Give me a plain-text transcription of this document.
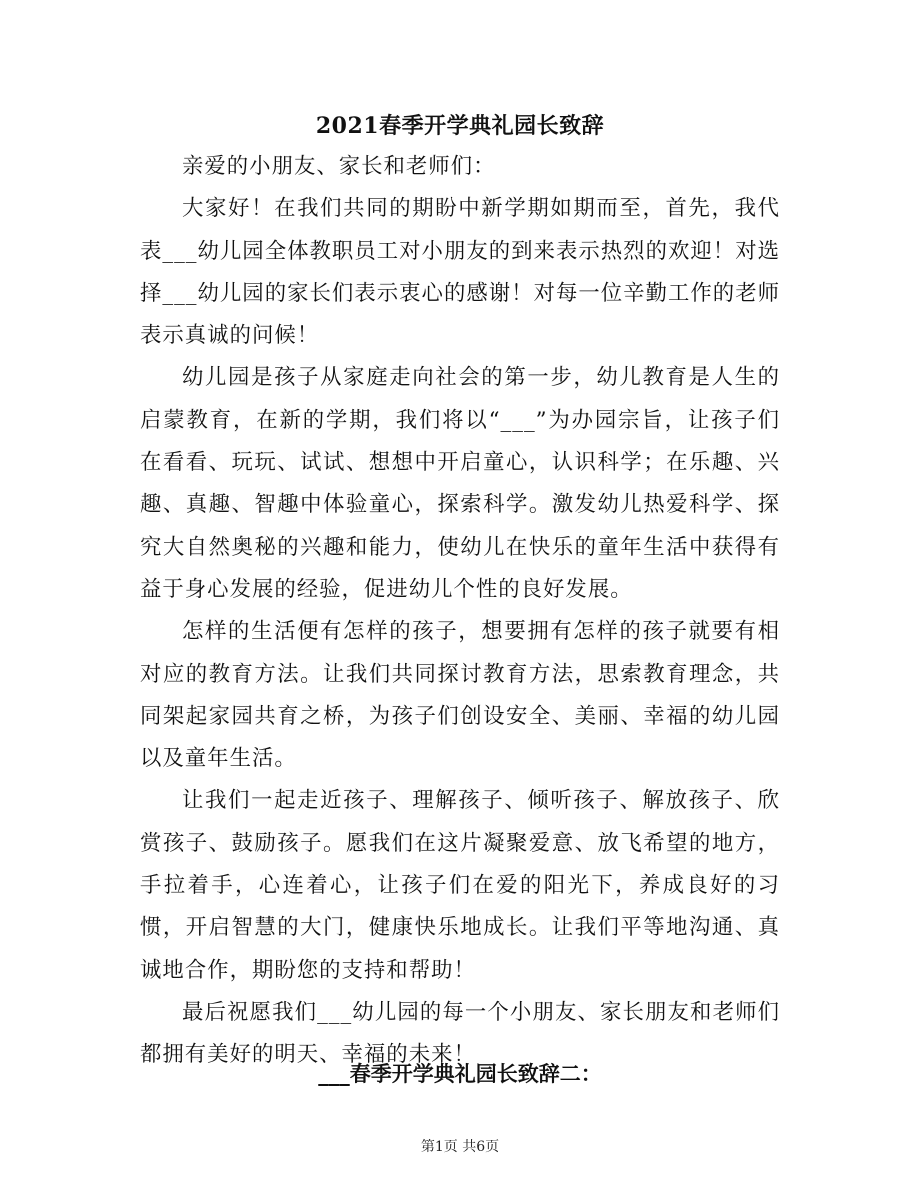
2021春季开学典礼园长致辞

亲爱的小朋友、家长和老师们：

大家好！在我们共同的期盼中新学期如期而至，首先，我代表___幼儿园全体教职员工对小朋友的到来表示热烈的欢迎！对选择___幼儿园的家长们表示衷心的感谢！对每一位辛勤工作的老师表示真诚的问候！

幼儿园是孩子从家庭走向社会的第一步，幼儿教育是人生的启蒙教育，在新的学期，我们将以“___”为办园宗旨，让孩子们在看看、玩玩、试试、想想中开启童心，认识科学；在乐趣、兴趣、真趣、智趣中体验童心，探索科学。激发幼儿热爱科学、探究大自然奥秘的兴趣和能力，使幼儿在快乐的童年生活中获得有益于身心发展的经验，促进幼儿个性的良好发展。

怎样的生活便有怎样的孩子，想要拥有怎样的孩子就要有相对应的教育方法。让我们共同探讨教育方法，思索教育理念，共同架起家园共育之桥，为孩子们创设安全、美丽、幸福的幼儿园以及童年生活。

让我们一起走近孩子、理解孩子、倾听孩子、解放孩子、欣赏孩子、鼓励孩子。愿我们在这片凝聚爱意、放飞希望的地方，手拉着手，心连着心，让孩子们在爱的阳光下，养成良好的习惯，开启智慧的大门，健康快乐地成长。让我们平等地沟通、真诚地合作，期盼您的支持和帮助！

最后祝愿我们___幼儿园的每一个小朋友、家长朋友和老师们都拥有美好的明天、幸福的未来！

___春季开学典礼园长致辞二：
第1页 共6页
